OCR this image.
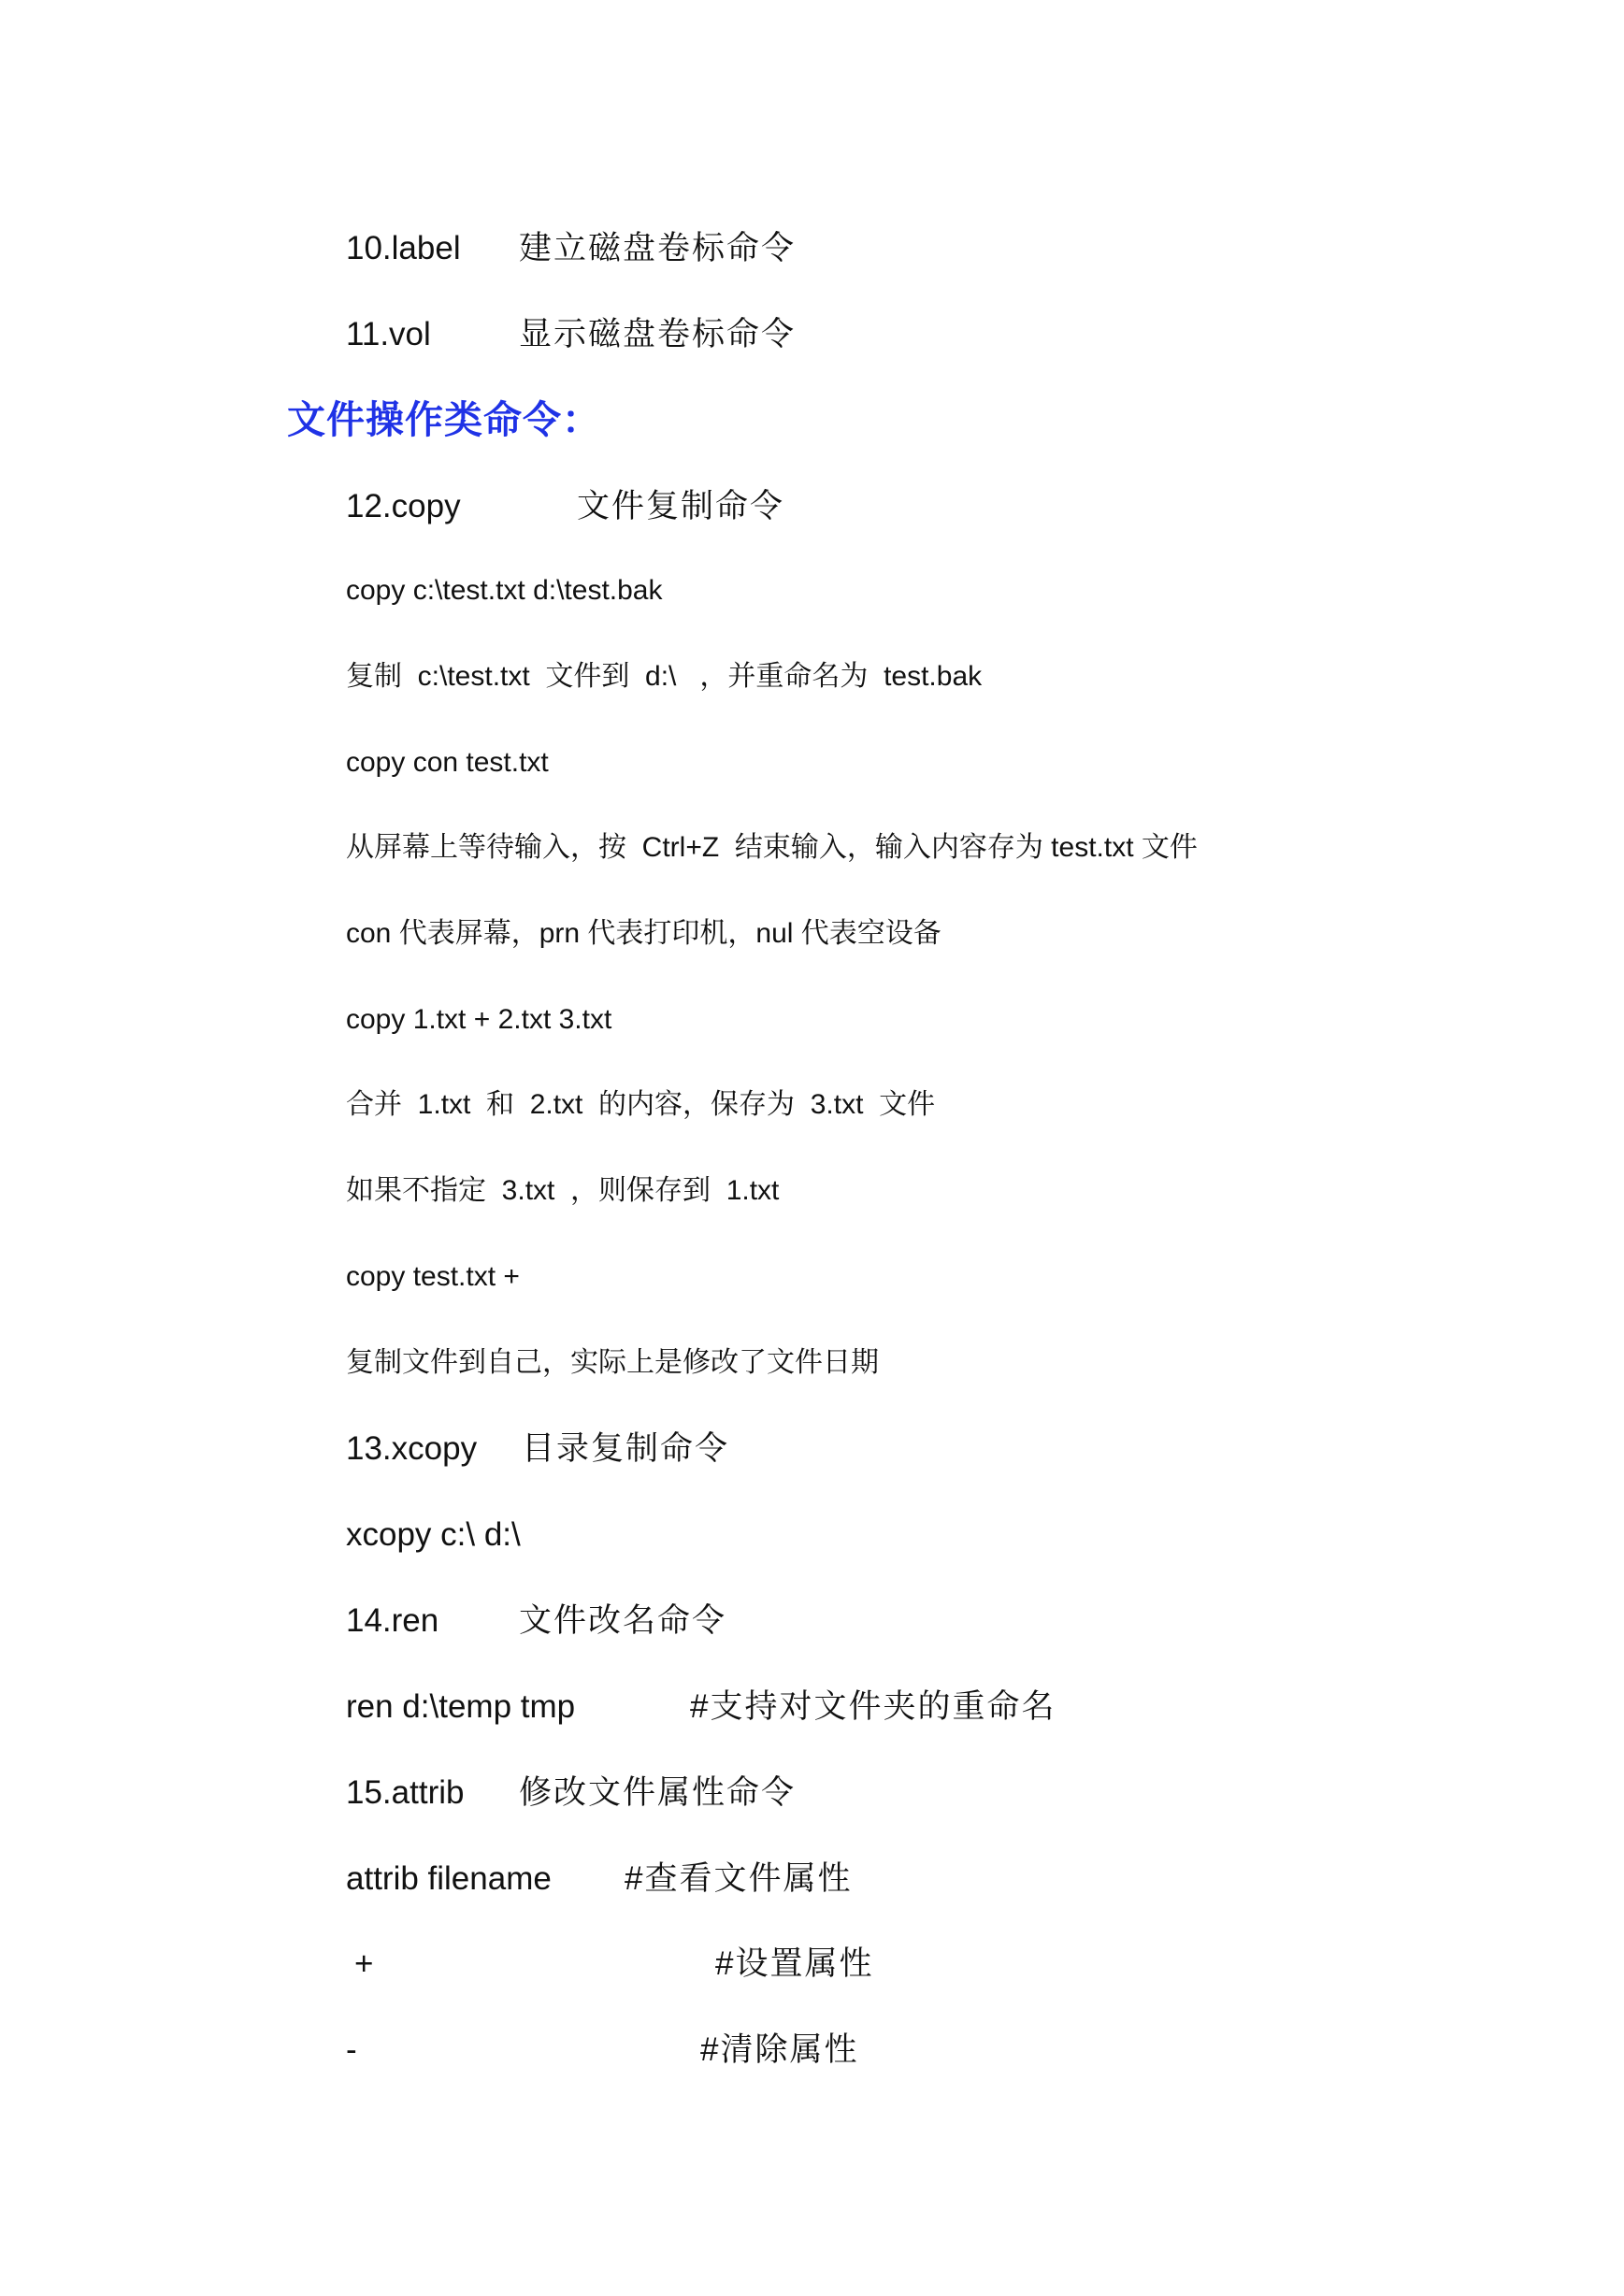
10.label 建立磁盘卷标命令
11.vol	显示磁盘卷标命令
文件操作类命令：
12.copy	文件复制命令
copy c:\test.txt d:\test.bak
复制  c:\test.txt  文件到  d:\   ，并重命名为  test.bak
copy con test.txt
从屏幕上等待输入，按  Ctrl+Z  结束输入，输入内容存为 test.txt 文件
con 代表屏幕，prn 代表打印机，nul 代表空设备
copy 1.txt + 2.txt 3.txt
合并  1.txt  和  2.txt  的内容，保存为  3.txt  文件
如果不指定  3.txt  ，则保存到  1.txt
copy test.txt +
复制文件到自己，实际上是修改了文件日期
13.xcopy 目录复制命令
xcopy c:\ d:\
14.ren 文件改名命令
ren d:\temp tmp	#支持对文件夹的重命名
15.attrib 修改文件属性命令
attrib filename #查看文件属性
+	#设置属性
-	#清除属性
